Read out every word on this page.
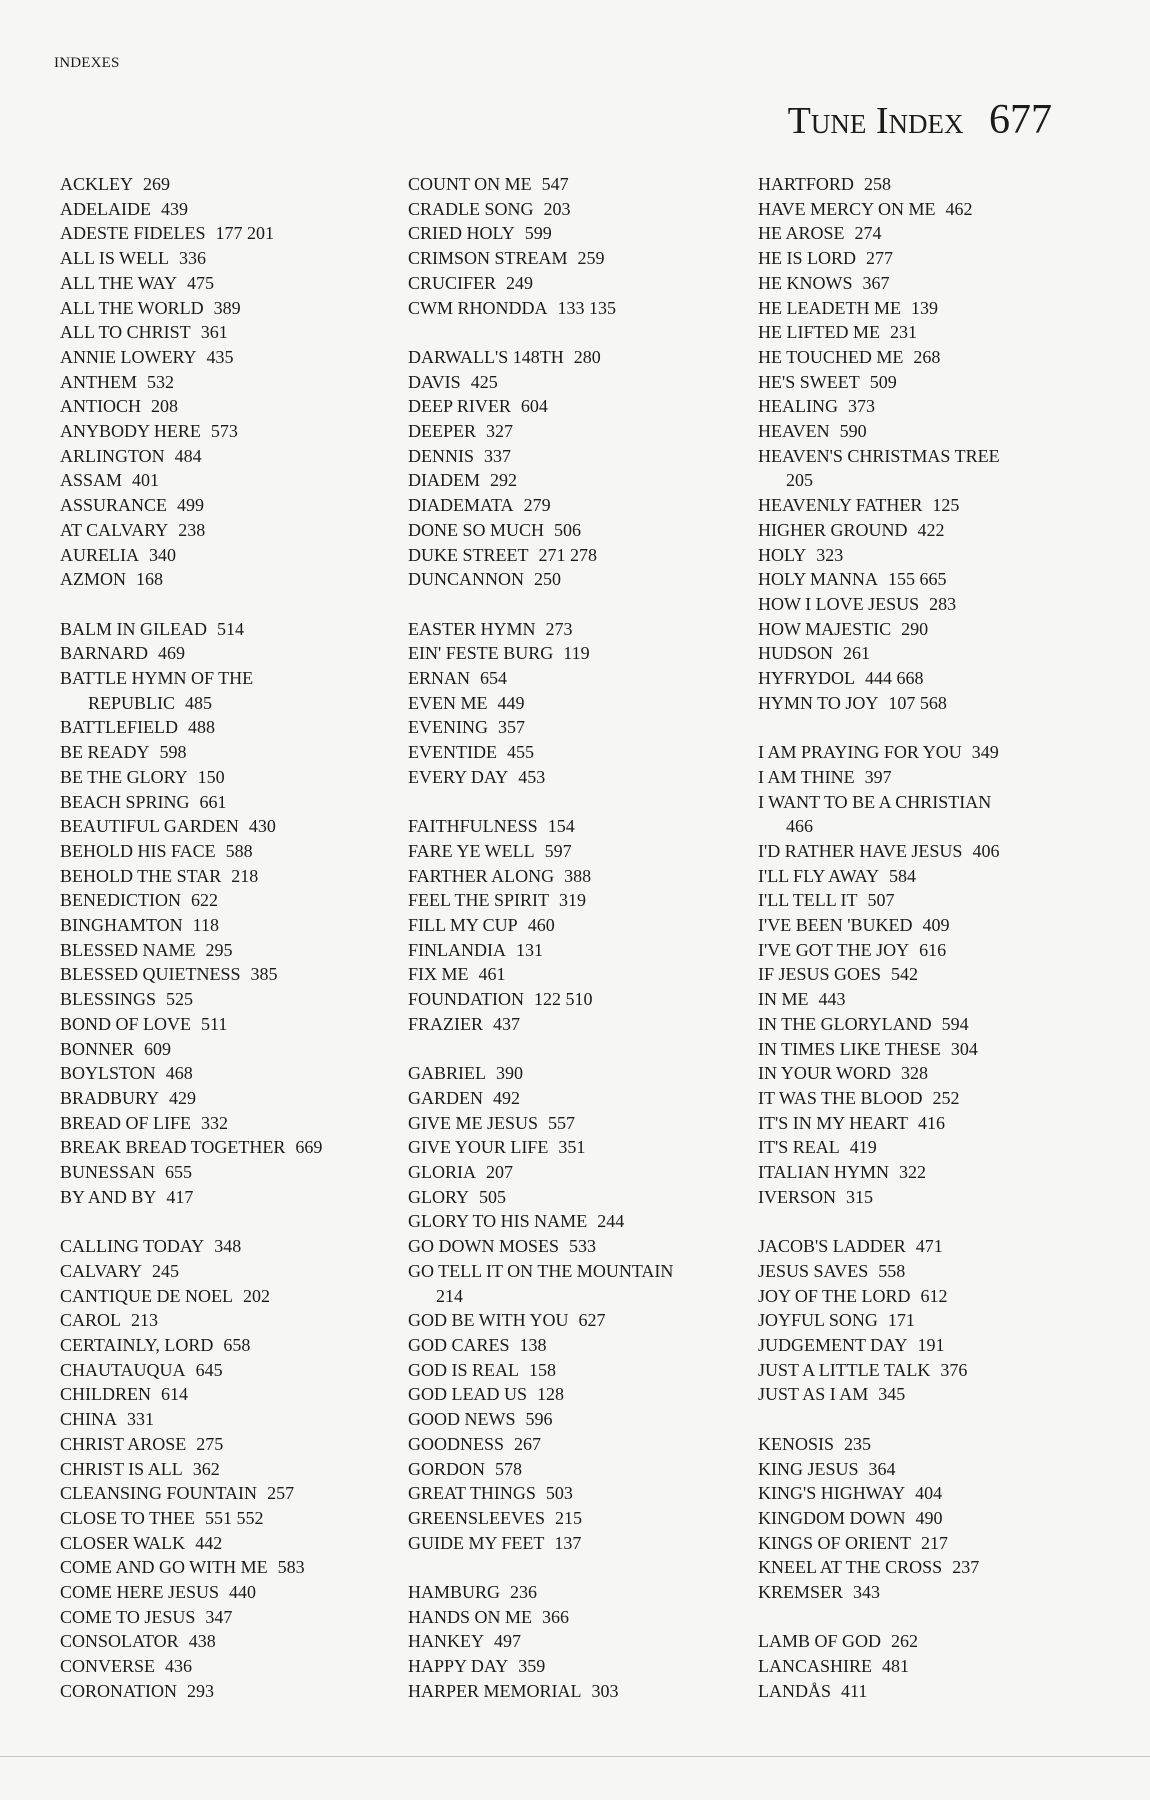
INDEXES
Tune Index 677
ACKLEY 269
ADELAIDE 439
ADESTE FIDELES 177 201
ALL IS WELL 336
ALL THE WAY 475
ALL THE WORLD 389
ALL TO CHRIST 361
ANNIE LOWERY 435
ANTHEM 532
ANTIOCH 208
ANYBODY HERE 573
ARLINGTON 484
ASSAM 401
ASSURANCE 499
AT CALVARY 238
AURELIA 340
AZMON 168
BALM IN GILEAD 514
BARNARD 469
BATTLE HYMN OF THE
REPUBLIC 485
BATTLEFIELD 488
BE READY 598
BE THE GLORY 150
BEACH SPRING 661
BEAUTIFUL GARDEN 430
BEHOLD HIS FACE 588
BEHOLD THE STAR 218
BENEDICTION 622
BINGHAMTON 118
BLESSED NAME 295
BLESSED QUIETNESS 385
BLESSINGS 525
BOND OF LOVE 511
BONNER 609
BOYLSTON 468
BRADBURY 429
BREAD OF LIFE 332
BREAK BREAD TOGETHER 669
BUNESSAN 655
BY AND BY 417
CALLING TODAY 348
CALVARY 245
CANTIQUE DE NOEL 202
CAROL 213
CERTAINLY, LORD 658
CHAUTAUQUA 645
CHILDREN 614
CHINA 331
CHRIST AROSE 275
CHRIST IS ALL 362
CLEANSING FOUNTAIN 257
CLOSE TO THEE 551 552
CLOSER WALK 442
COME AND GO WITH ME 583
COME HERE JESUS 440
COME TO JESUS 347
CONSOLATOR 438
CONVERSE 436
CORONATION 293
COUNT ON ME 547
CRADLE SONG 203
CRIED HOLY 599
CRIMSON STREAM 259
CRUCIFER 249
CWM RHONDDA 133 135
DARWALL'S 148TH 280
DAVIS 425
DEEP RIVER 604
DEEPER 327
DENNIS 337
DIADEM 292
DIADEMATA 279
DONE SO MUCH 506
DUKE STREET 271 278
DUNCANNON 250
EASTER HYMN 273
EIN' FESTE BURG 119
ERNAN 654
EVEN ME 449
EVENING 357
EVENTIDE 455
EVERY DAY 453
FAITHFULNESS 154
FARE YE WELL 597
FARTHER ALONG 388
FEEL THE SPIRIT 319
FILL MY CUP 460
FINLANDIA 131
FIX ME 461
FOUNDATION 122 510
FRAZIER 437
GABRIEL 390
GARDEN 492
GIVE ME JESUS 557
GIVE YOUR LIFE 351
GLORIA 207
GLORY 505
GLORY TO HIS NAME 244
GO DOWN MOSES 533
GO TELL IT ON THE MOUNTAIN
214
GOD BE WITH YOU 627
GOD CARES 138
GOD IS REAL 158
GOD LEAD US 128
GOOD NEWS 596
GOODNESS 267
GORDON 578
GREAT THINGS 503
GREENSLEEVES 215
GUIDE MY FEET 137
HAMBURG 236
HANDS ON ME 366
HANKEY 497
HAPPY DAY 359
HARPER MEMORIAL 303
HARTFORD 258
HAVE MERCY ON ME 462
HE AROSE 274
HE IS LORD 277
HE KNOWS 367
HE LEADETH ME 139
HE LIFTED ME 231
HE TOUCHED ME 268
HE'S SWEET 509
HEALING 373
HEAVEN 590
HEAVEN'S CHRISTMAS TREE
205
HEAVENLY FATHER 125
HIGHER GROUND 422
HOLY 323
HOLY MANNA 155 665
HOW I LOVE JESUS 283
HOW MAJESTIC 290
HUDSON 261
HYFRYDOL 444 668
HYMN TO JOY 107 568
I AM PRAYING FOR YOU 349
I AM THINE 397
I WANT TO BE A CHRISTIAN
466
I'D RATHER HAVE JESUS 406
I'LL FLY AWAY 584
I'LL TELL IT 507
I'VE BEEN 'BUKED 409
I'VE GOT THE JOY 616
IF JESUS GOES 542
IN ME 443
IN THE GLORYLAND 594
IN TIMES LIKE THESE 304
IN YOUR WORD 328
IT WAS THE BLOOD 252
IT'S IN MY HEART 416
IT'S REAL 419
ITALIAN HYMN 322
IVERSON 315
JACOB'S LADDER 471
JESUS SAVES 558
JOY OF THE LORD 612
JOYFUL SONG 171
JUDGEMENT DAY 191
JUST A LITTLE TALK 376
JUST AS I AM 345
KENOSIS 235
KING JESUS 364
KING'S HIGHWAY 404
KINGDOM DOWN 490
KINGS OF ORIENT 217
KNEEL AT THE CROSS 237
KREMSER 343
LAMB OF GOD 262
LANCASHIRE 481
LANDÅS 411
